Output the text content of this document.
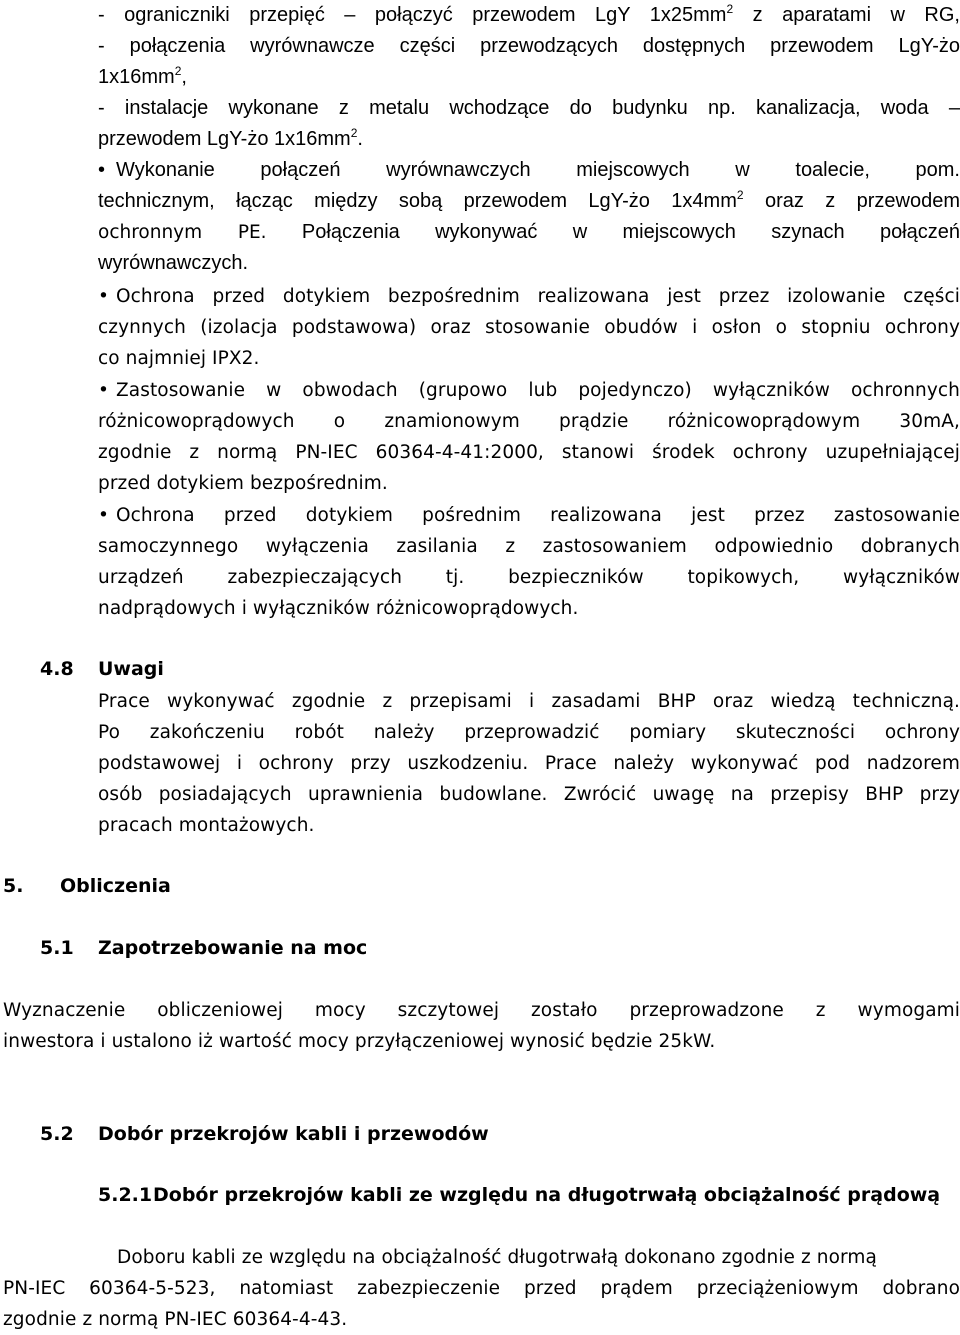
- ograniczniki przepięć – połączyć przewodem LgY $1x25mm^2$ z aparatami w RG,
- połączenia wyrównawcze części przewodzących dostępnych przewodem LgY-żo
$1x16mm^2$,
- instalacje wykonane z metalu wchodzące do budynku np. kanalizacja, woda –
przewodem LgY-żo $1x16mm^2$.
• Wykonanie połączeń wyrównawczych miejscowych w toalecie, pom.
technicznym, łącząc między sobą przewodem LgY-żo $1x4mm^2$ oraz z przewodem
ochronnym PE. Połączenia wykonywać w miejscowych szynach połączeń
wyrównawczych.
• Ochrona przed dotykiem bezpośrednim realizowana jest przez izolowanie części
czynnych (izolacja podstawowa) oraz stosowanie obudów i osłon o stopniu ochrony
co najmniej IPX2.
• Zastosowanie w obwodach (grupowo lub pojedynczo) wyłączników ochronnych
różnicowoprądowych o znamionowym prądzie różnicowoprądowym 30mA,
zgodnie z normą PN-IEC 60364-4-41:2000, stanowi środek ochrony uzupełniającej
przed dotykiem bezpośrednim.
• Ochrona przed dotykiem pośrednim realizowana jest przez zastosowanie
samoczynnego wyłączenia zasilania z zastosowaniem odpowiednio dobranych
urządzeń zabezpieczających tj. bezpieczników topikowych, wyłączników
nadprądowych i wyłączników różnicowoprądowych.
4.8 Uwagi
Prace wykonywać zgodnie z przepisami i zasadami BHP oraz wiedzą techniczną.
Po zakończeniu robót należy przeprowadzić pomiary skuteczności ochrony
podstawowej i ochrony przy uszkodzeniu. Prace należy wykonywać pod nadzorem
osób posiadających uprawnienia budowlane. Zwrócić uwagę na przepisy BHP przy
pracach montażowych.
5. Obliczenia
5.1 Zapotrzebowanie na moc
Wyznaczenie obliczeniowej mocy szczytowej zostało przeprowadzone z wymogami
inwestora i ustalono iż wartość mocy przyłączeniowej wynosić będzie 25kW.
5.2 Dobór przekrojów kabli i przewodów
5.2.1 Dobór przekrojów kabli ze względu na długotrwałą obciążalność prądową
Doboru kabli ze względu na obciążalność długotrwałą dokonano zgodnie z normą
PN-IEC 60364-5-523, natomiast zabezpieczenie przed prądem przeciążeniowym dobrano
zgodnie z normą PN-IEC 60364-4-43.
